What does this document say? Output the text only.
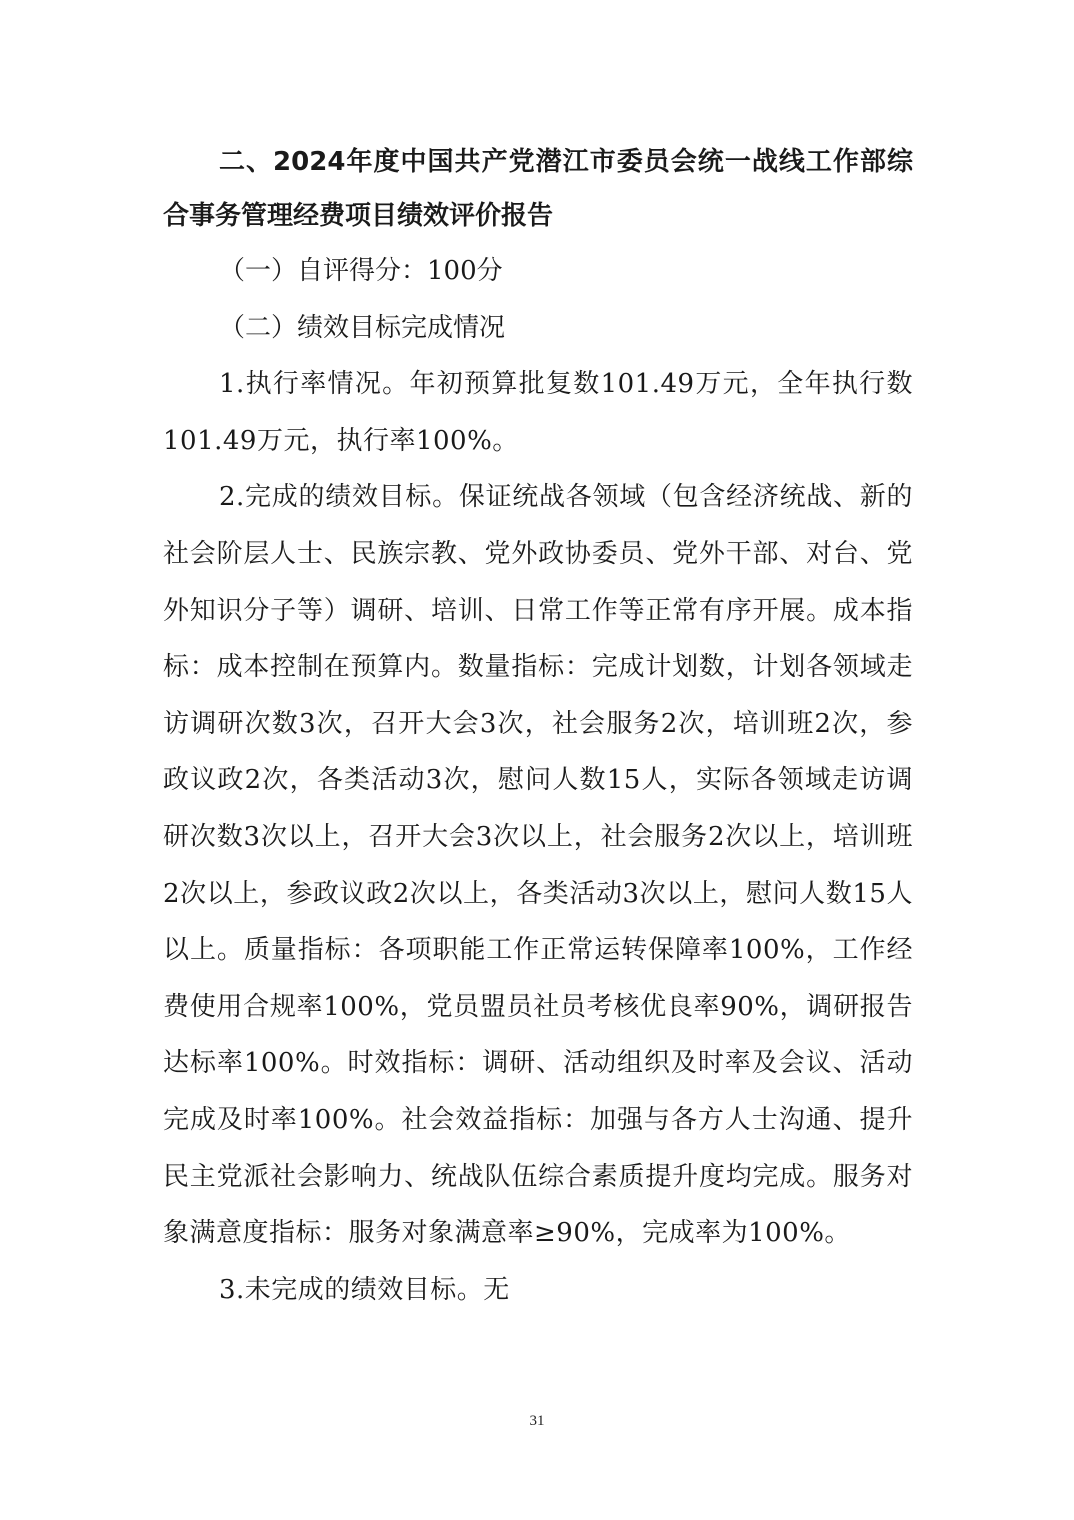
二、2024年度中国共产党潜江市委员会统一战线工作部综合事务管理经费项目绩效评价报告

（一）自评得分：100分

（二）绩效目标完成情况

1.执行率情况。年初预算批复数101.49万元，全年执行数101.49万元，执行率100%。

2.完成的绩效目标。保证统战各领域（包含经济统战、新的社会阶层人士、民族宗教、党外政协委员、党外干部、对台、党外知识分子等）调研、培训、日常工作等正常有序开展。成本指标：成本控制在预算内。数量指标：完成计划数，计划各领域走访调研次数3次，召开大会3次，社会服务2次，培训班2次，参政议政2次，各类活动3次，慰问人数15人，实际各领域走访调研次数3次以上，召开大会3次以上，社会服务2次以上，培训班2次以上，参政议政2次以上，各类活动3次以上，慰问人数15人以上。质量指标：各项职能工作正常运转保障率100%，工作经费使用合规率100%，党员盟员社员考核优良率90%，调研报告达标率100%。时效指标：调研、活动组织及时率及会议、活动完成及时率100%。社会效益指标：加强与各方人士沟通、提升民主党派社会影响力、统战队伍综合素质提升度均完成。服务对象满意度指标：服务对象满意率≥90%，完成率为100%。

3.未完成的绩效目标。无

31
